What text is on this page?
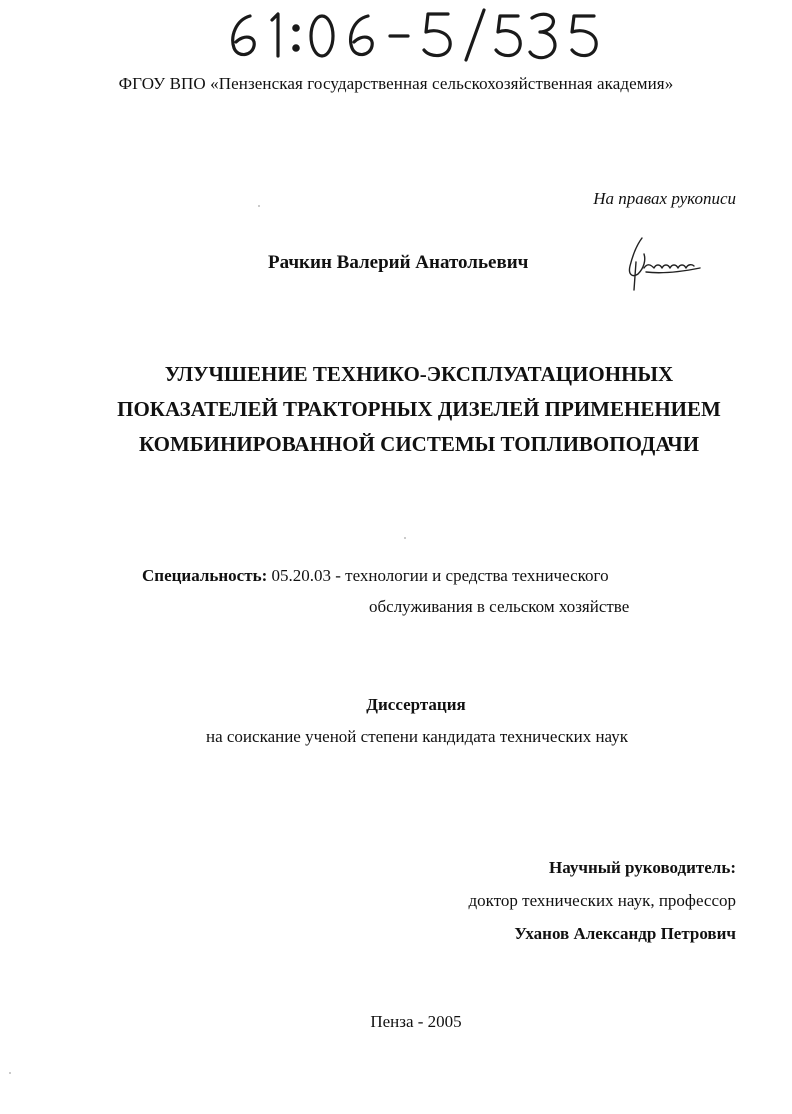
ФГОУ ВПО «Пензенская государственная сельскохозяйственная академия»
На правах рукописи
Рачкин Валерий Анатольевич
УЛУЧШЕНИЕ ТЕХНИКО-ЭКСПЛУАТАЦИОННЫХ
ПОКАЗАТЕЛЕЙ ТРАКТОРНЫХ ДИЗЕЛЕЙ ПРИМЕНЕНИЕМ
КОМБИНИРОВАННОЙ СИСТЕМЫ ТОПЛИВОПОДАЧИ
Специальность: 05.20.03 - технологии и средства технического
обслуживания в сельском хозяйстве
Диссертация
на соискание ученой степени кандидата технических наук
Научный руководитель:
доктор технических наук, профессор
Уханов Александр Петрович
Пенза - 2005
